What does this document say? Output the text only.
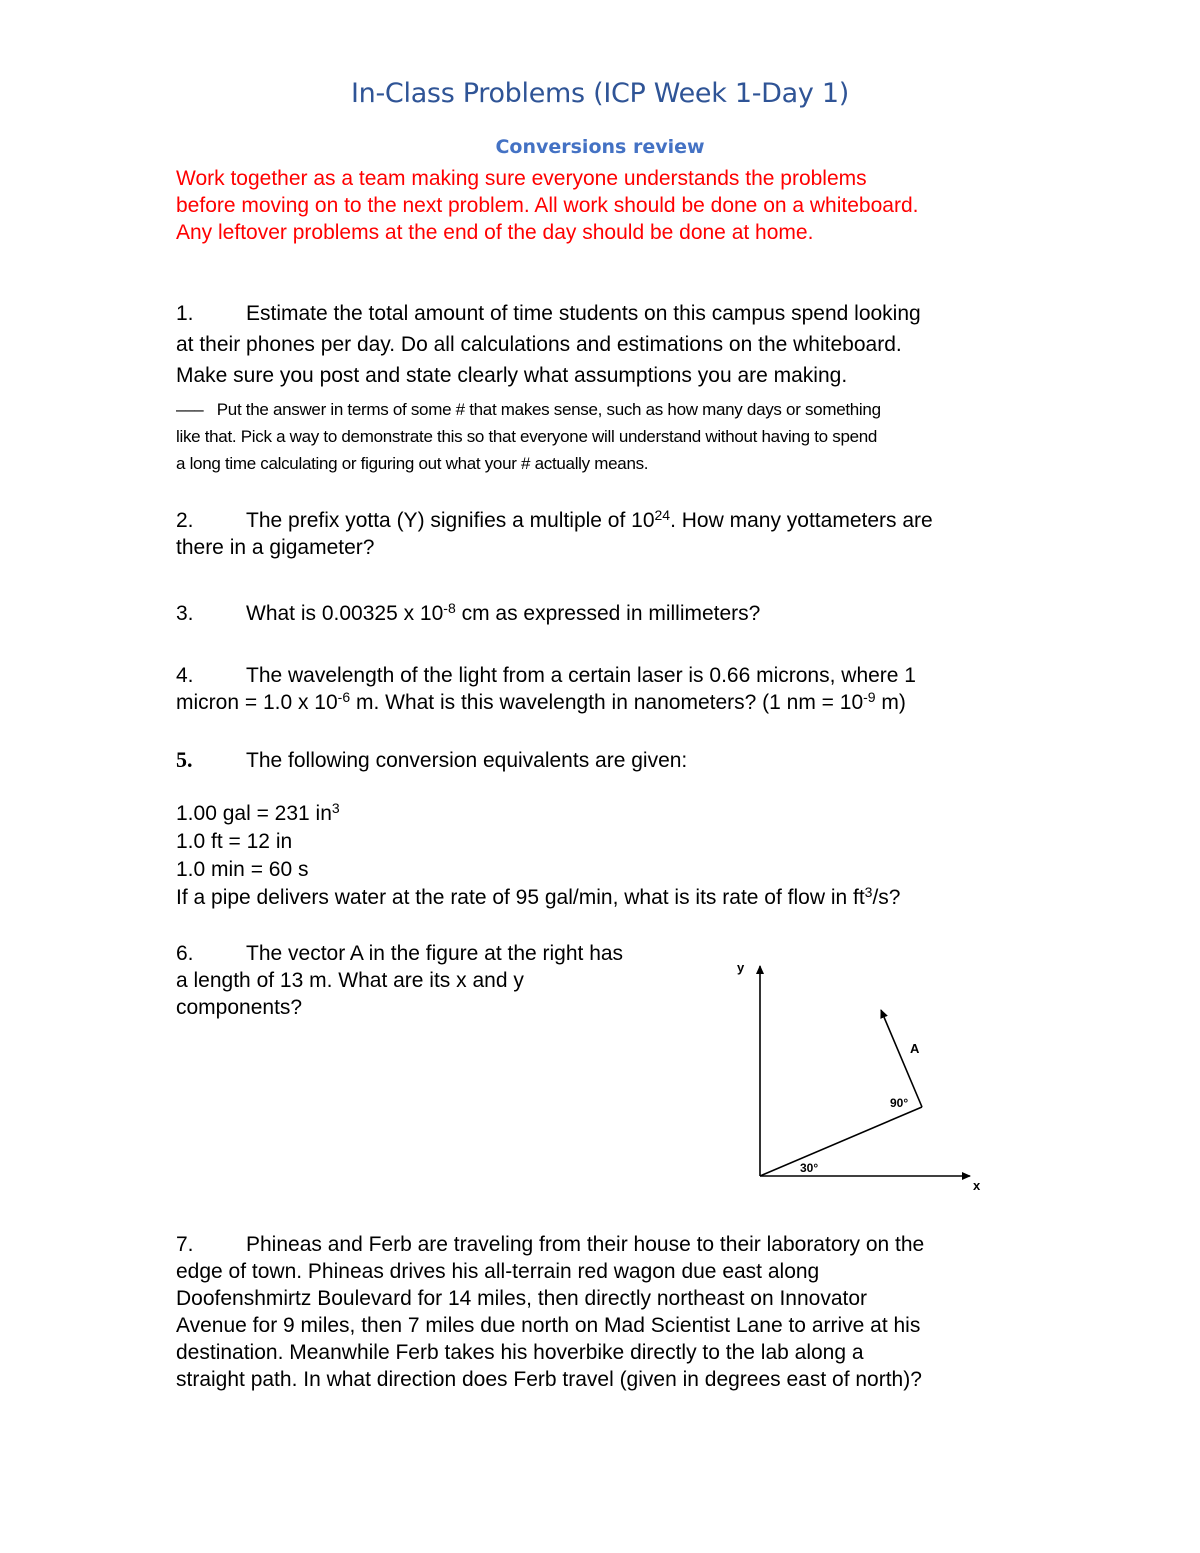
In-Class Problems (ICP Week 1-Day 1)
Conversions review
Work together as a team making sure everyone understands the problems
before moving on to the next problem. All work should be done on a whiteboard.
Any leftover problems at the end of the day should be done at home.
1. Estimate the total amount of time students on this campus spend looking
at their phones per day. Do all calculations and estimations on the whiteboard.
Make sure you post and state clearly what assumptions you are making.
––– Put the answer in terms of some # that makes sense, such as how many days or something
like that. Pick a way to demonstrate this so that everyone will understand without having to spend
a long time calculating or figuring out what your # actually means.
2. The prefix yotta (Y) signifies a multiple of $10^{24}$. How many yottameters are
there in a gigameter?
3. What is 0.00325 x $10^{-8}$ cm as expressed in millimeters?
4. The wavelength of the light from a certain laser is 0.66 microns, where 1
micron = 1.0 x $10^{-6}$ m. What is this wavelength in nanometers? (1 nm = $10^{-9}$ m)
5.	The following conversion equivalents are given:
1.00 gal = 231 $in^3$
1.0 ft = 12 in
1.0 min = 60 s
If a pipe delivers water at the rate of 95 gal/min, what is its rate of flow in $ft^3/s$?
6. The vector A in the figure at the right has
a length of 13 m. What are its x and y
components?
y
x
A
30°
90°
7. Phineas and Ferb are traveling from their house to their laboratory on the
edge of town. Phineas drives his all-terrain red wagon due east along
Doofenshmirtz Boulevard for 14 miles, then directly northeast on Innovator
Avenue for 9 miles, then 7 miles due north on Mad Scientist Lane to arrive at his
destination. Meanwhile Ferb takes his hoverbike directly to the lab along a
straight path. In what direction does Ferb travel (given in degrees east of north)?
